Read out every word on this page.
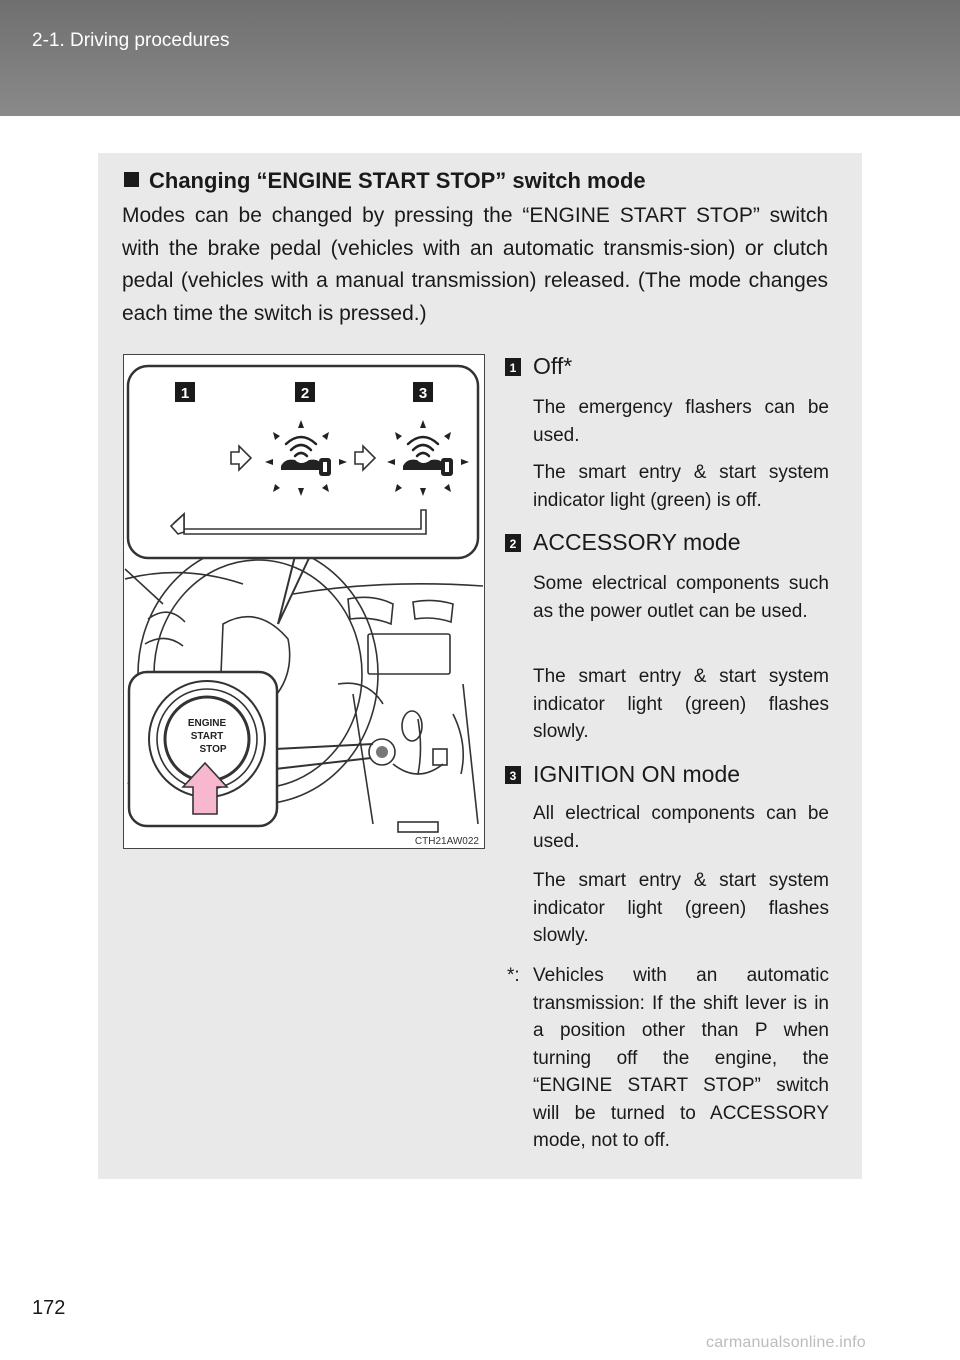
2-1. Driving procedures
Changing “ENGINE START STOP” switch mode
Modes can be changed by pressing the “ENGINE START STOP” switch with the brake pedal (vehicles with an automatic transmis-sion) or clutch pedal (vehicles with a manual transmission) released. (The mode changes each time the switch is pressed.)
1	2	3
ENGINE
START
STOP
CTH21AW022
1 Off*
The emergency flashers can be used.
The smart entry & start system indicator light (green) is off.
2 ACCESSORY mode
Some electrical components such as the power outlet can be used.
The smart entry & start system indicator light (green) flashes slowly.
3 IGNITION ON mode
All electrical components can be used.
The smart entry & start system indicator light (green) flashes slowly.
*: Vehicles with an automatic transmission: If the shift lever is in a position other than P when turning off the engine, the “ENGINE START STOP” switch will be turned to ACCESSORY mode, not to off.
172
carmanualsonline.info
